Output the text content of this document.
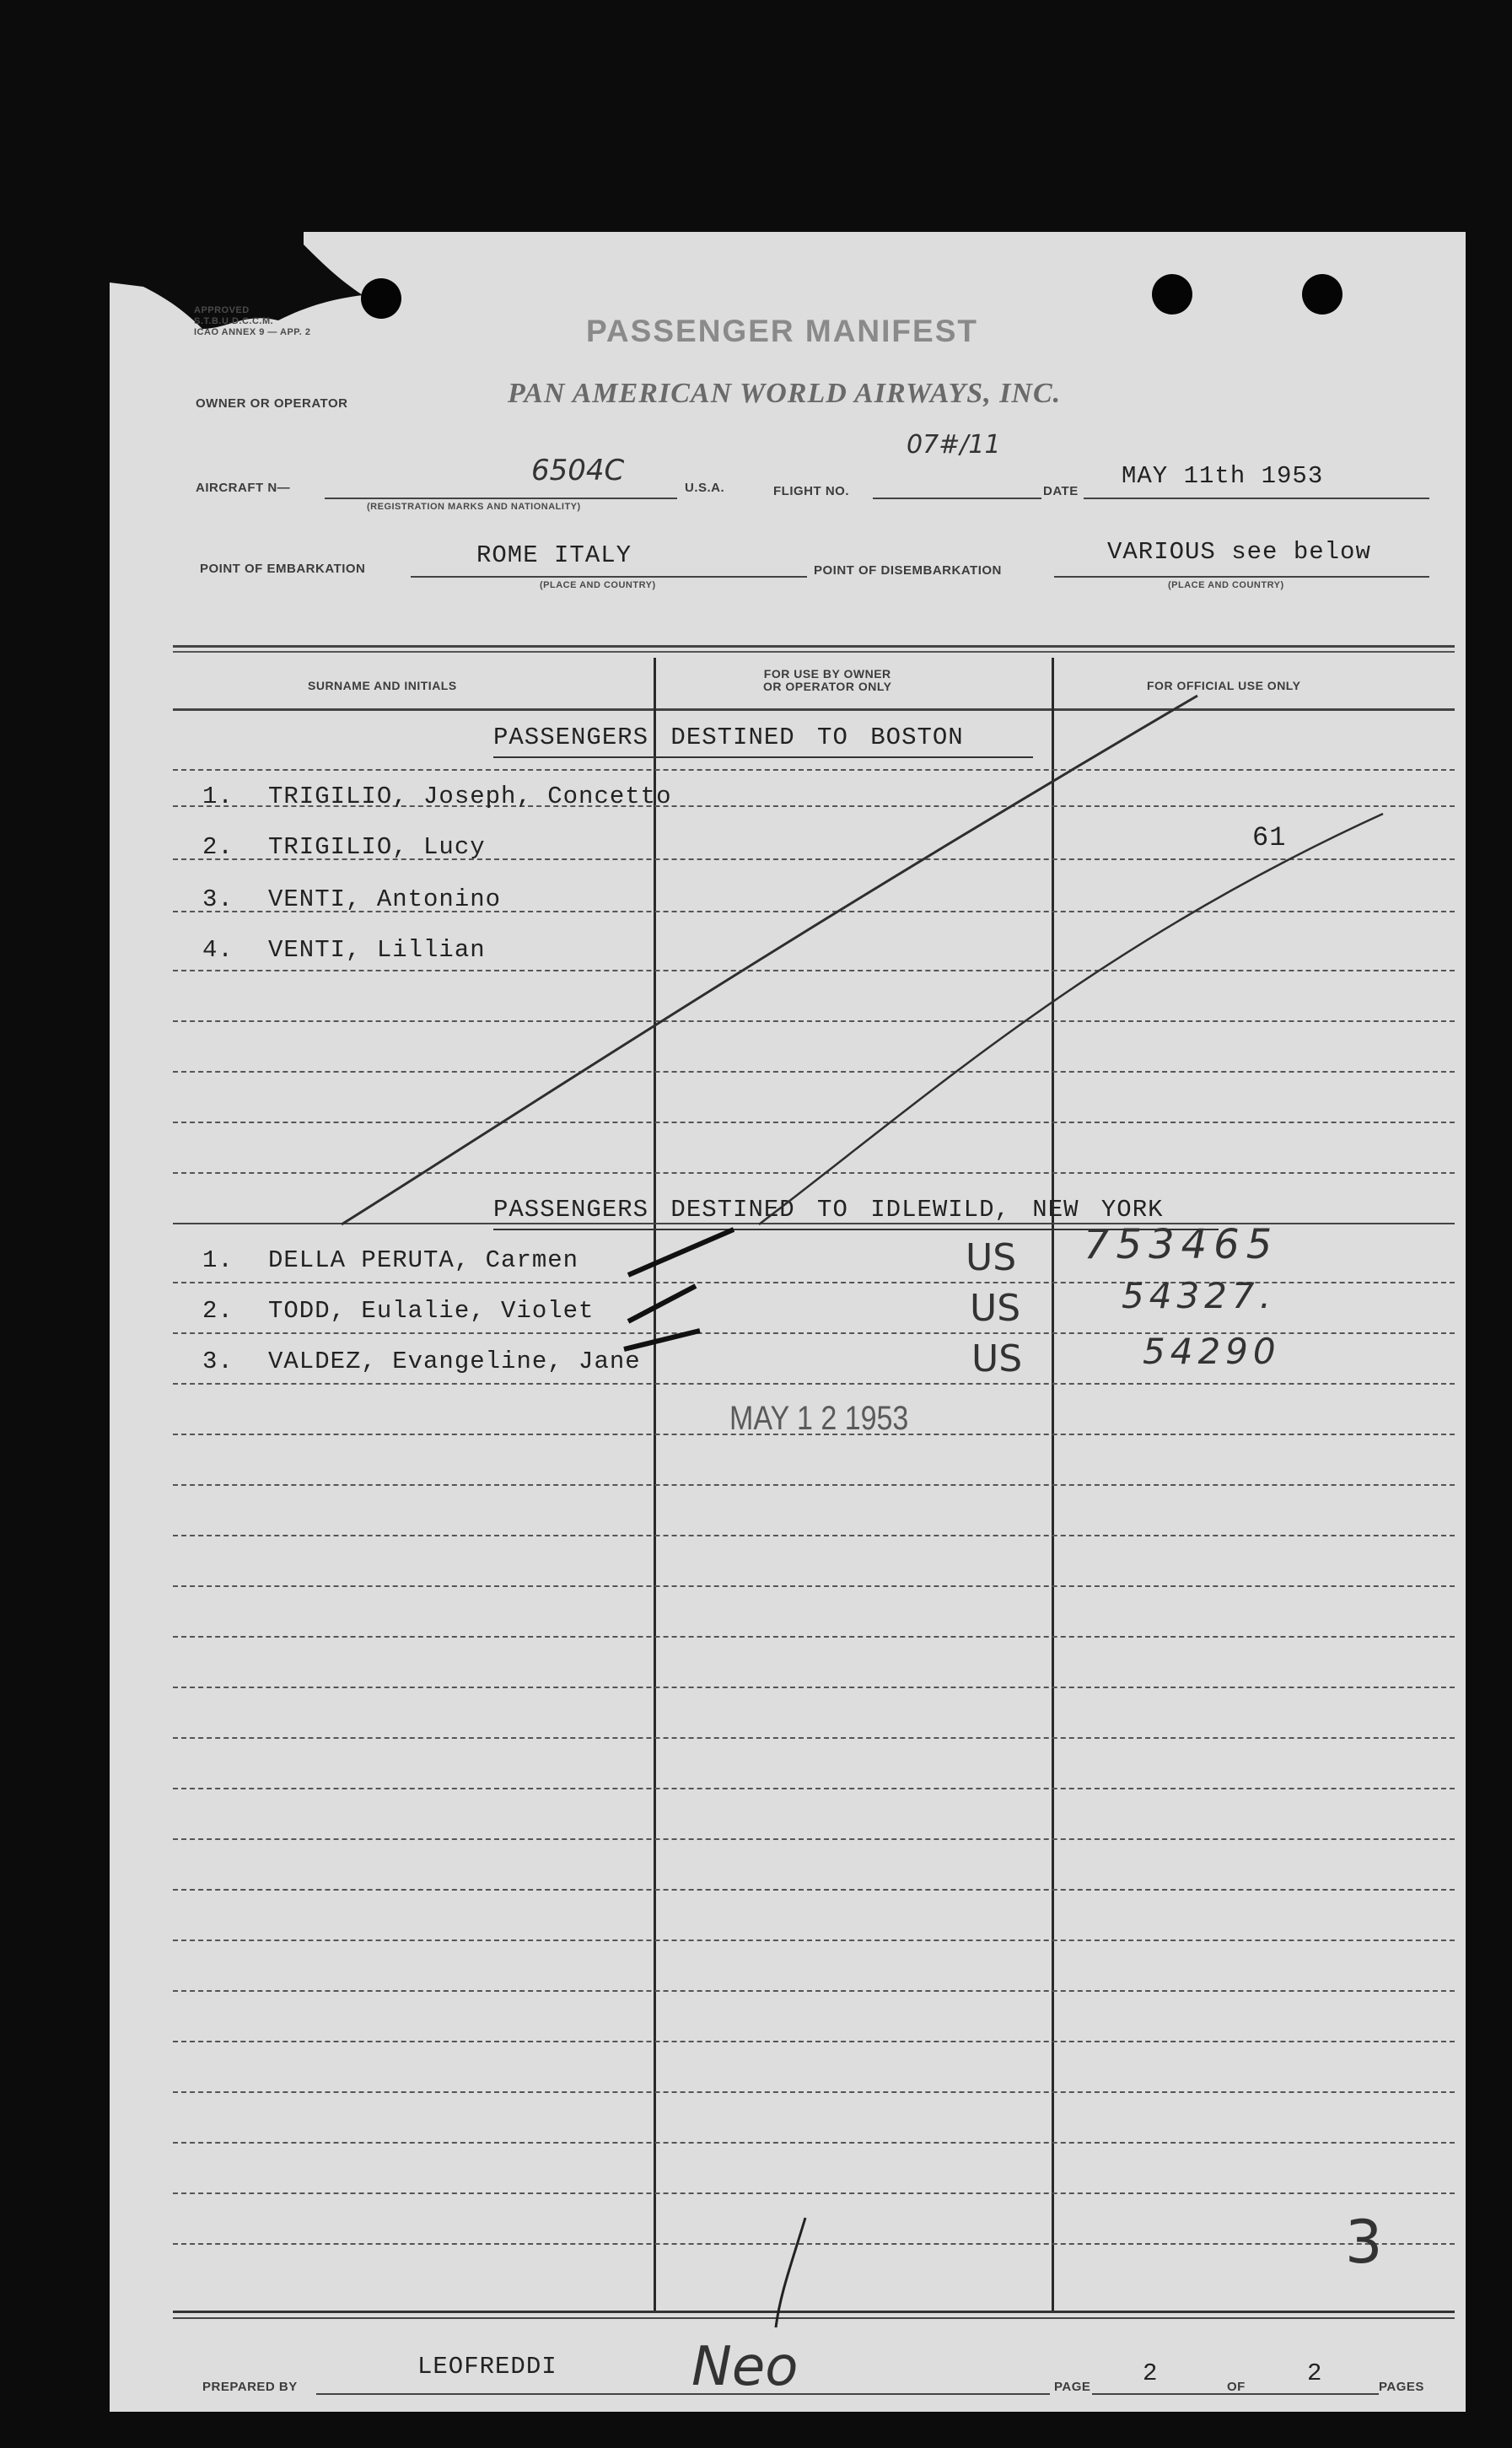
APPROVED
S.T.B.U.D.C.C.M.
ICAO ANNEX 9 — APP. 2	PASSENGER MANIFEST
OWNER OR OPERATOR	PAN AMERICAN WORLD AIRWAYS, INC.
AIRCRAFT N—
6504C
(REGISTRATION MARKS AND NATIONALITY)
U.S.A.	FLIGHT NO.
07#/11
DATE
MAY 11th 1953
POINT OF EMBARKATION	ROME ITALY
(PLACE AND COUNTRY)
POINT OF DISEMBARKATION
VARIOUS see below
(PLACE AND COUNTRY)
SURNAME AND INITIALS
FOR USE BY OWNER
OR OPERATOR ONLY	FOR OFFICIAL USE ONLY
PASSENGERS DESTINED TO BOSTON
1. TRIGILIO, Joseph, Concetto
2. TRIGILIO, Lucy
3. VENTI, Antonino
4. VENTI, Lillian
61
PASSENGERS DESTINED TO IDLEWILD, NEW YORK
1. DELLA PERUTA, Carmen	US 753465
2. TODD, Eulalie, Violet	US	54327.
3. VALDEZ, Evangeline, Jane	US	54290
MAY 1 2 1953
3
PREPARED BY
LEOFREDDI Neo	PAGE 2	OF	2	PAGES
